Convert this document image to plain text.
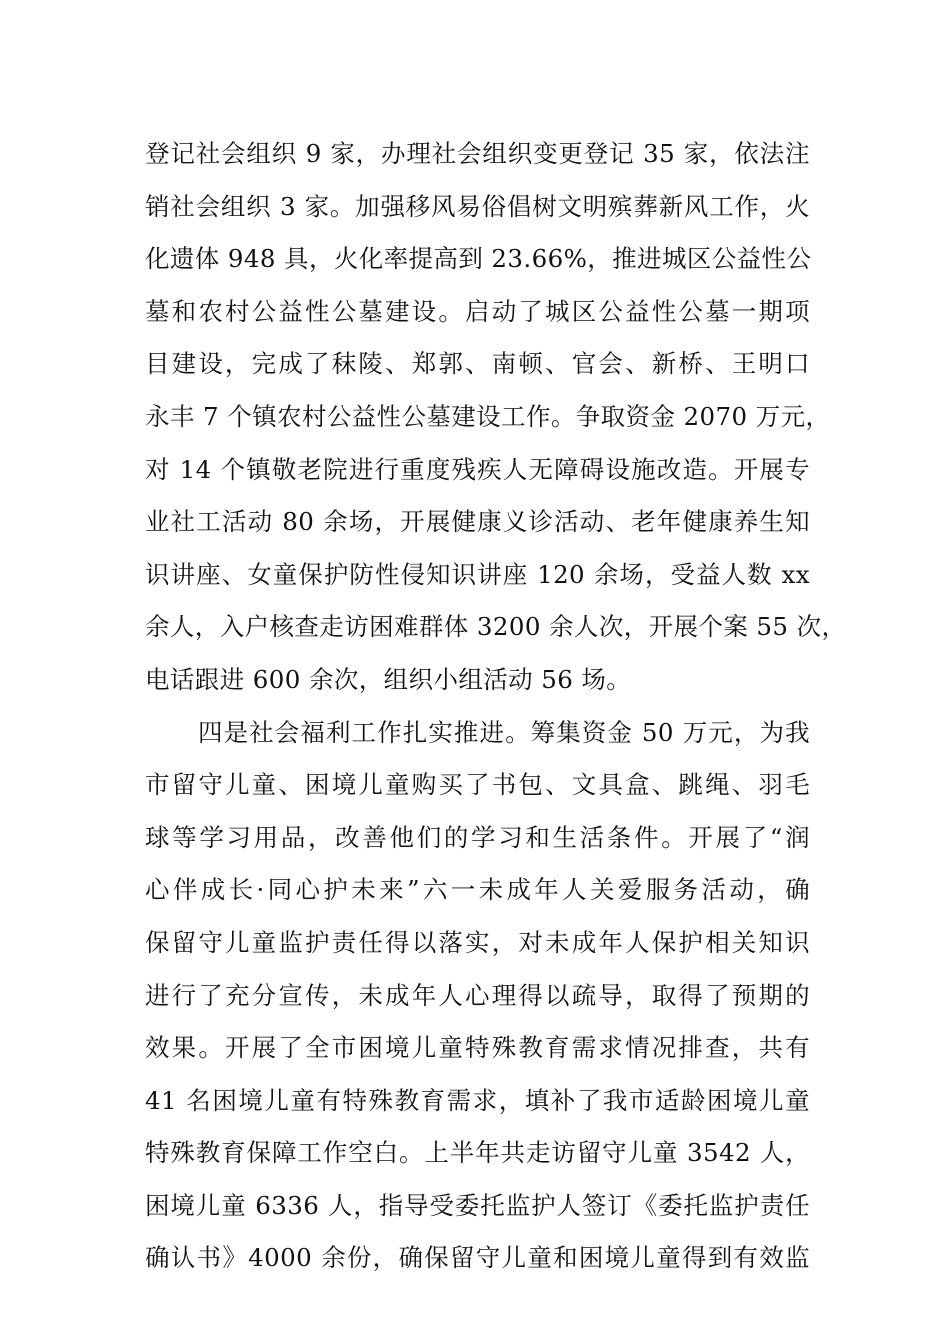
登记社会组织 9 家，办理社会组织变更登记 35 家，依法注
销社会组织 3 家。加强移风易俗倡树文明殡葬新风工作，火
化遗体 948 具，火化率提高到 23.66%，推进城区公益性公
墓和农村公益性公墓建设。启动了城区公益性公墓一期项
目建设，完成了秣陵、郑郭、南顿、官会、新桥、王明口
永丰 7 个镇农村公益性公墓建设工作。争取资金 2070 万元，
对 14 个镇敬老院进行重度残疾人无障碍设施改造。开展专
业社工活动 80 余场，开展健康义诊活动、老年健康养生知
识讲座、女童保护防性侵知识讲座 120 余场，受益人数 xx
余人，入户核查走访困难群体 3200 余人次，开展个案 55 次，
电话跟进 600 余次，组织小组活动 56 场。
四是社会福利工作扎实推进。筹集资金 50 万元，为我
市留守儿童、困境儿童购买了书包、文具盒、跳绳、羽毛
球等学习用品，改善他们的学习和生活条件。开展了“润
心伴成长·同心护未来”六一未成年人关爱服务活动，确
保留守儿童监护责任得以落实，对未成年人保护相关知识
进行了充分宣传，未成年人心理得以疏导，取得了预期的
效果。开展了全市困境儿童特殊教育需求情况排查，共有
41 名困境儿童有特殊教育需求，填补了我市适龄困境儿童
特殊教育保障工作空白。上半年共走访留守儿童 3542 人，
困境儿童 6336 人，指导受委托监护人签订《委托监护责任
确认书》4000 余份，确保留守儿童和困境儿童得到有效监
